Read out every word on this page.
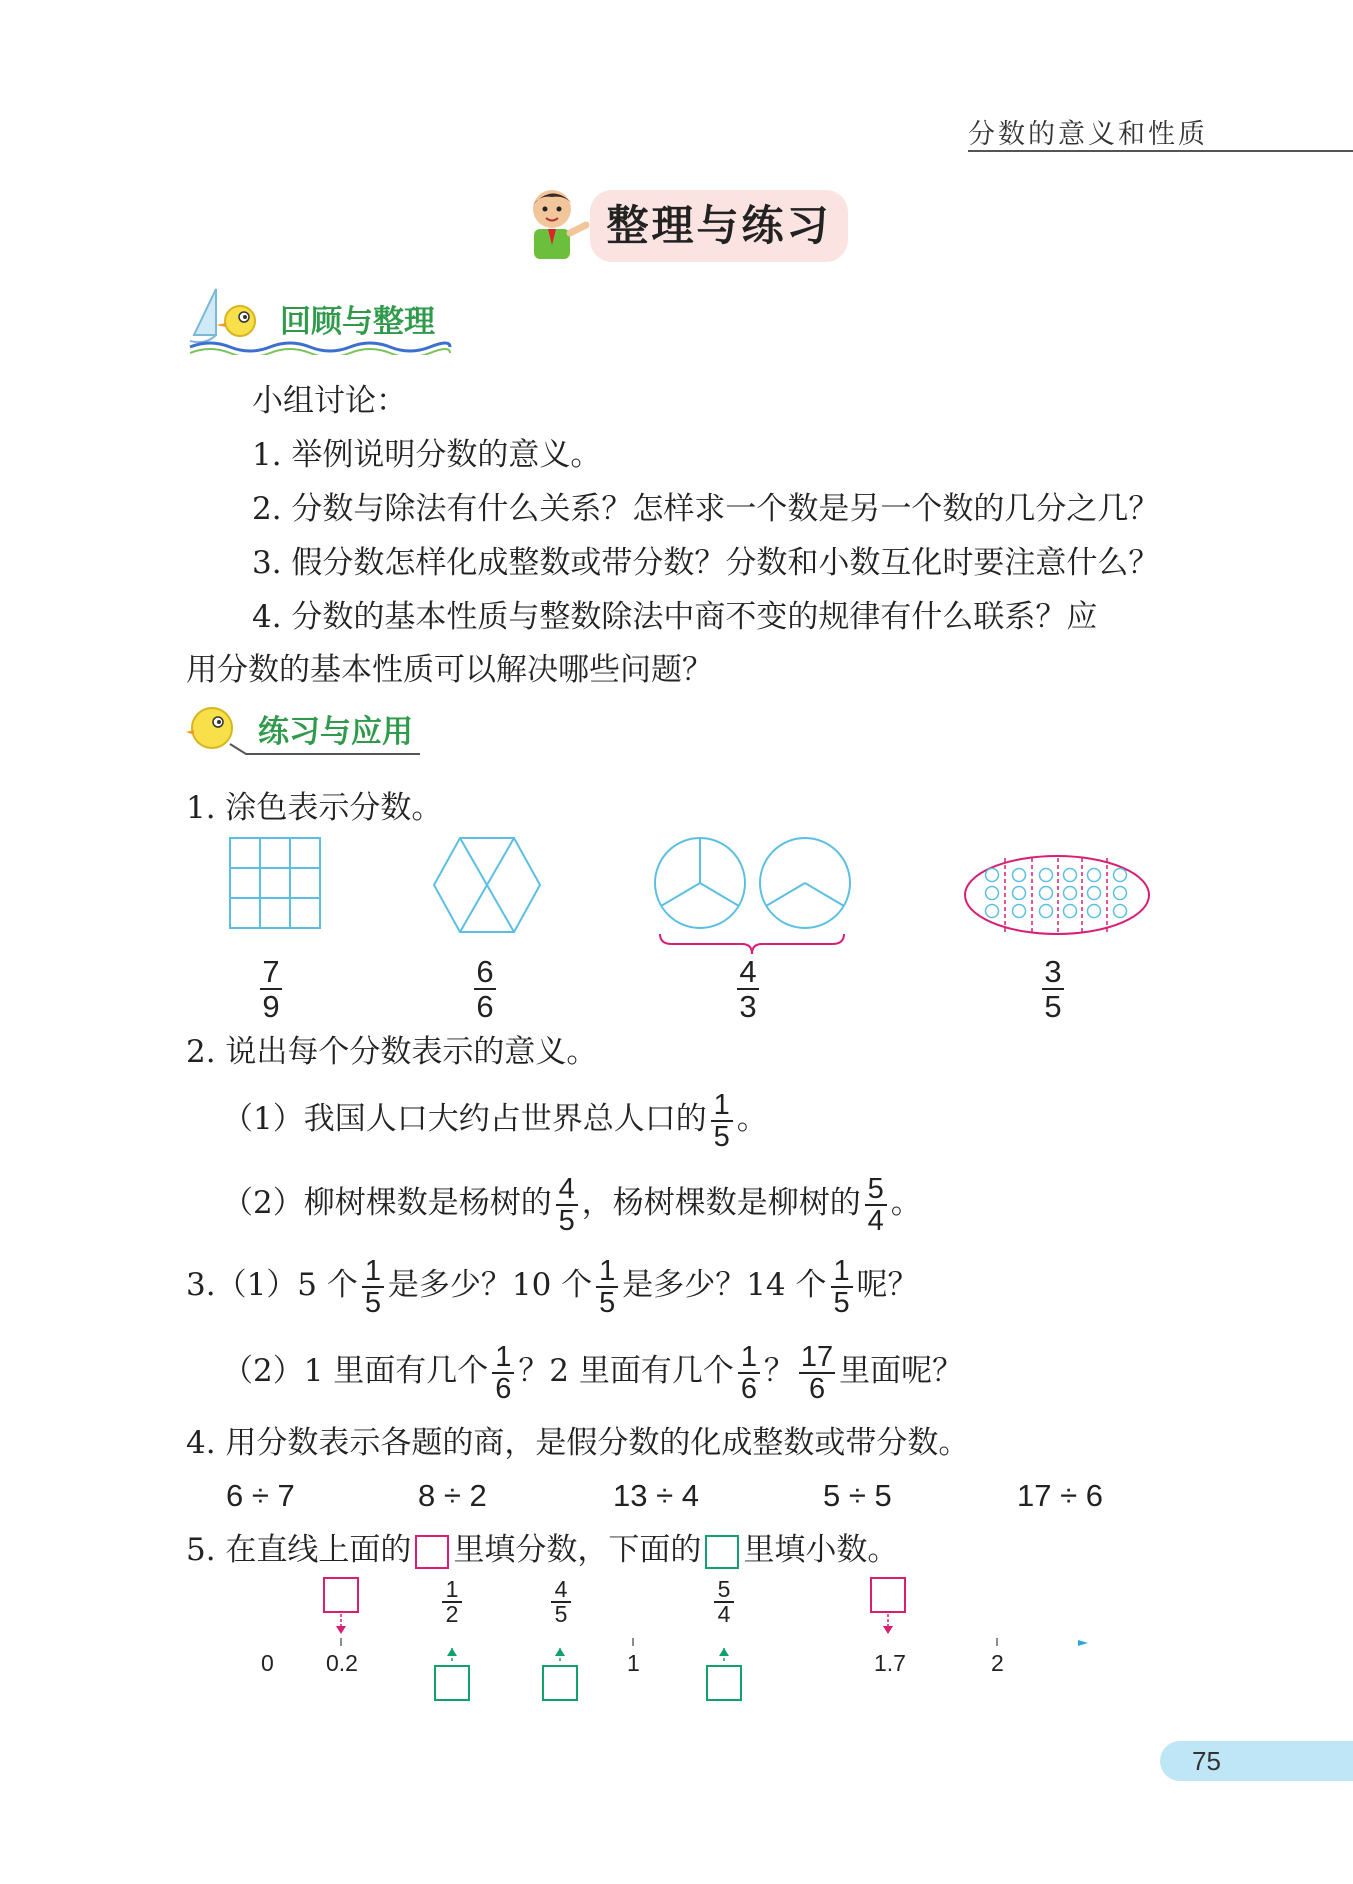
分数的意义和性质
整理与练习
回顾与整理
小组讨论：
1. 举例说明分数的意义。
2. 分数与除法有什么关系？怎样求一个数是另一个数的几分之几？
3. 假分数怎样化成整数或带分数？分数和小数互化时要注意什么？
4. 分数的基本性质与整数除法中商不变的规律有什么联系？应
用分数的基本性质可以解决哪些问题？
练习与应用
1. 涂色表示分数。
$\frac{7}{9}$	$\frac{6}{6}$	$\frac{4}{3}$	$\frac{3}{5}$
2. 说出每个分数表示的意义。
（1）我国人口大约占世界总人口的 $\frac{1}{5}$ 。
（2）柳树棵数是杨树的 $\frac{4}{5}$ ，杨树棵数是柳树的 $\frac{5}{4}$ 。
3.（1）5 个 $\frac{1}{5}$ 是多少？10 个 $\frac{1}{5}$ 是多少？14 个 $\frac{1}{5}$ 呢？
（2）1 里面有几个 $\frac{1}{6}$ ？2 里面有几个 $\frac{1}{6}$ ？ $\frac{17}{6}$ 里面呢？
4. 用分数表示各题的商，是假分数的化成整数或带分数。
6 ÷ 7	8 ÷ 2	13 ÷ 4	5 ÷ 5	17 ÷ 6
5. 在直线上面的 里填分数，下面的 里填小数。
$\frac{1}{2}$	$\frac{4}{5}$	$\frac{5}{4}$
0 0.2	1	1.7	2
75
